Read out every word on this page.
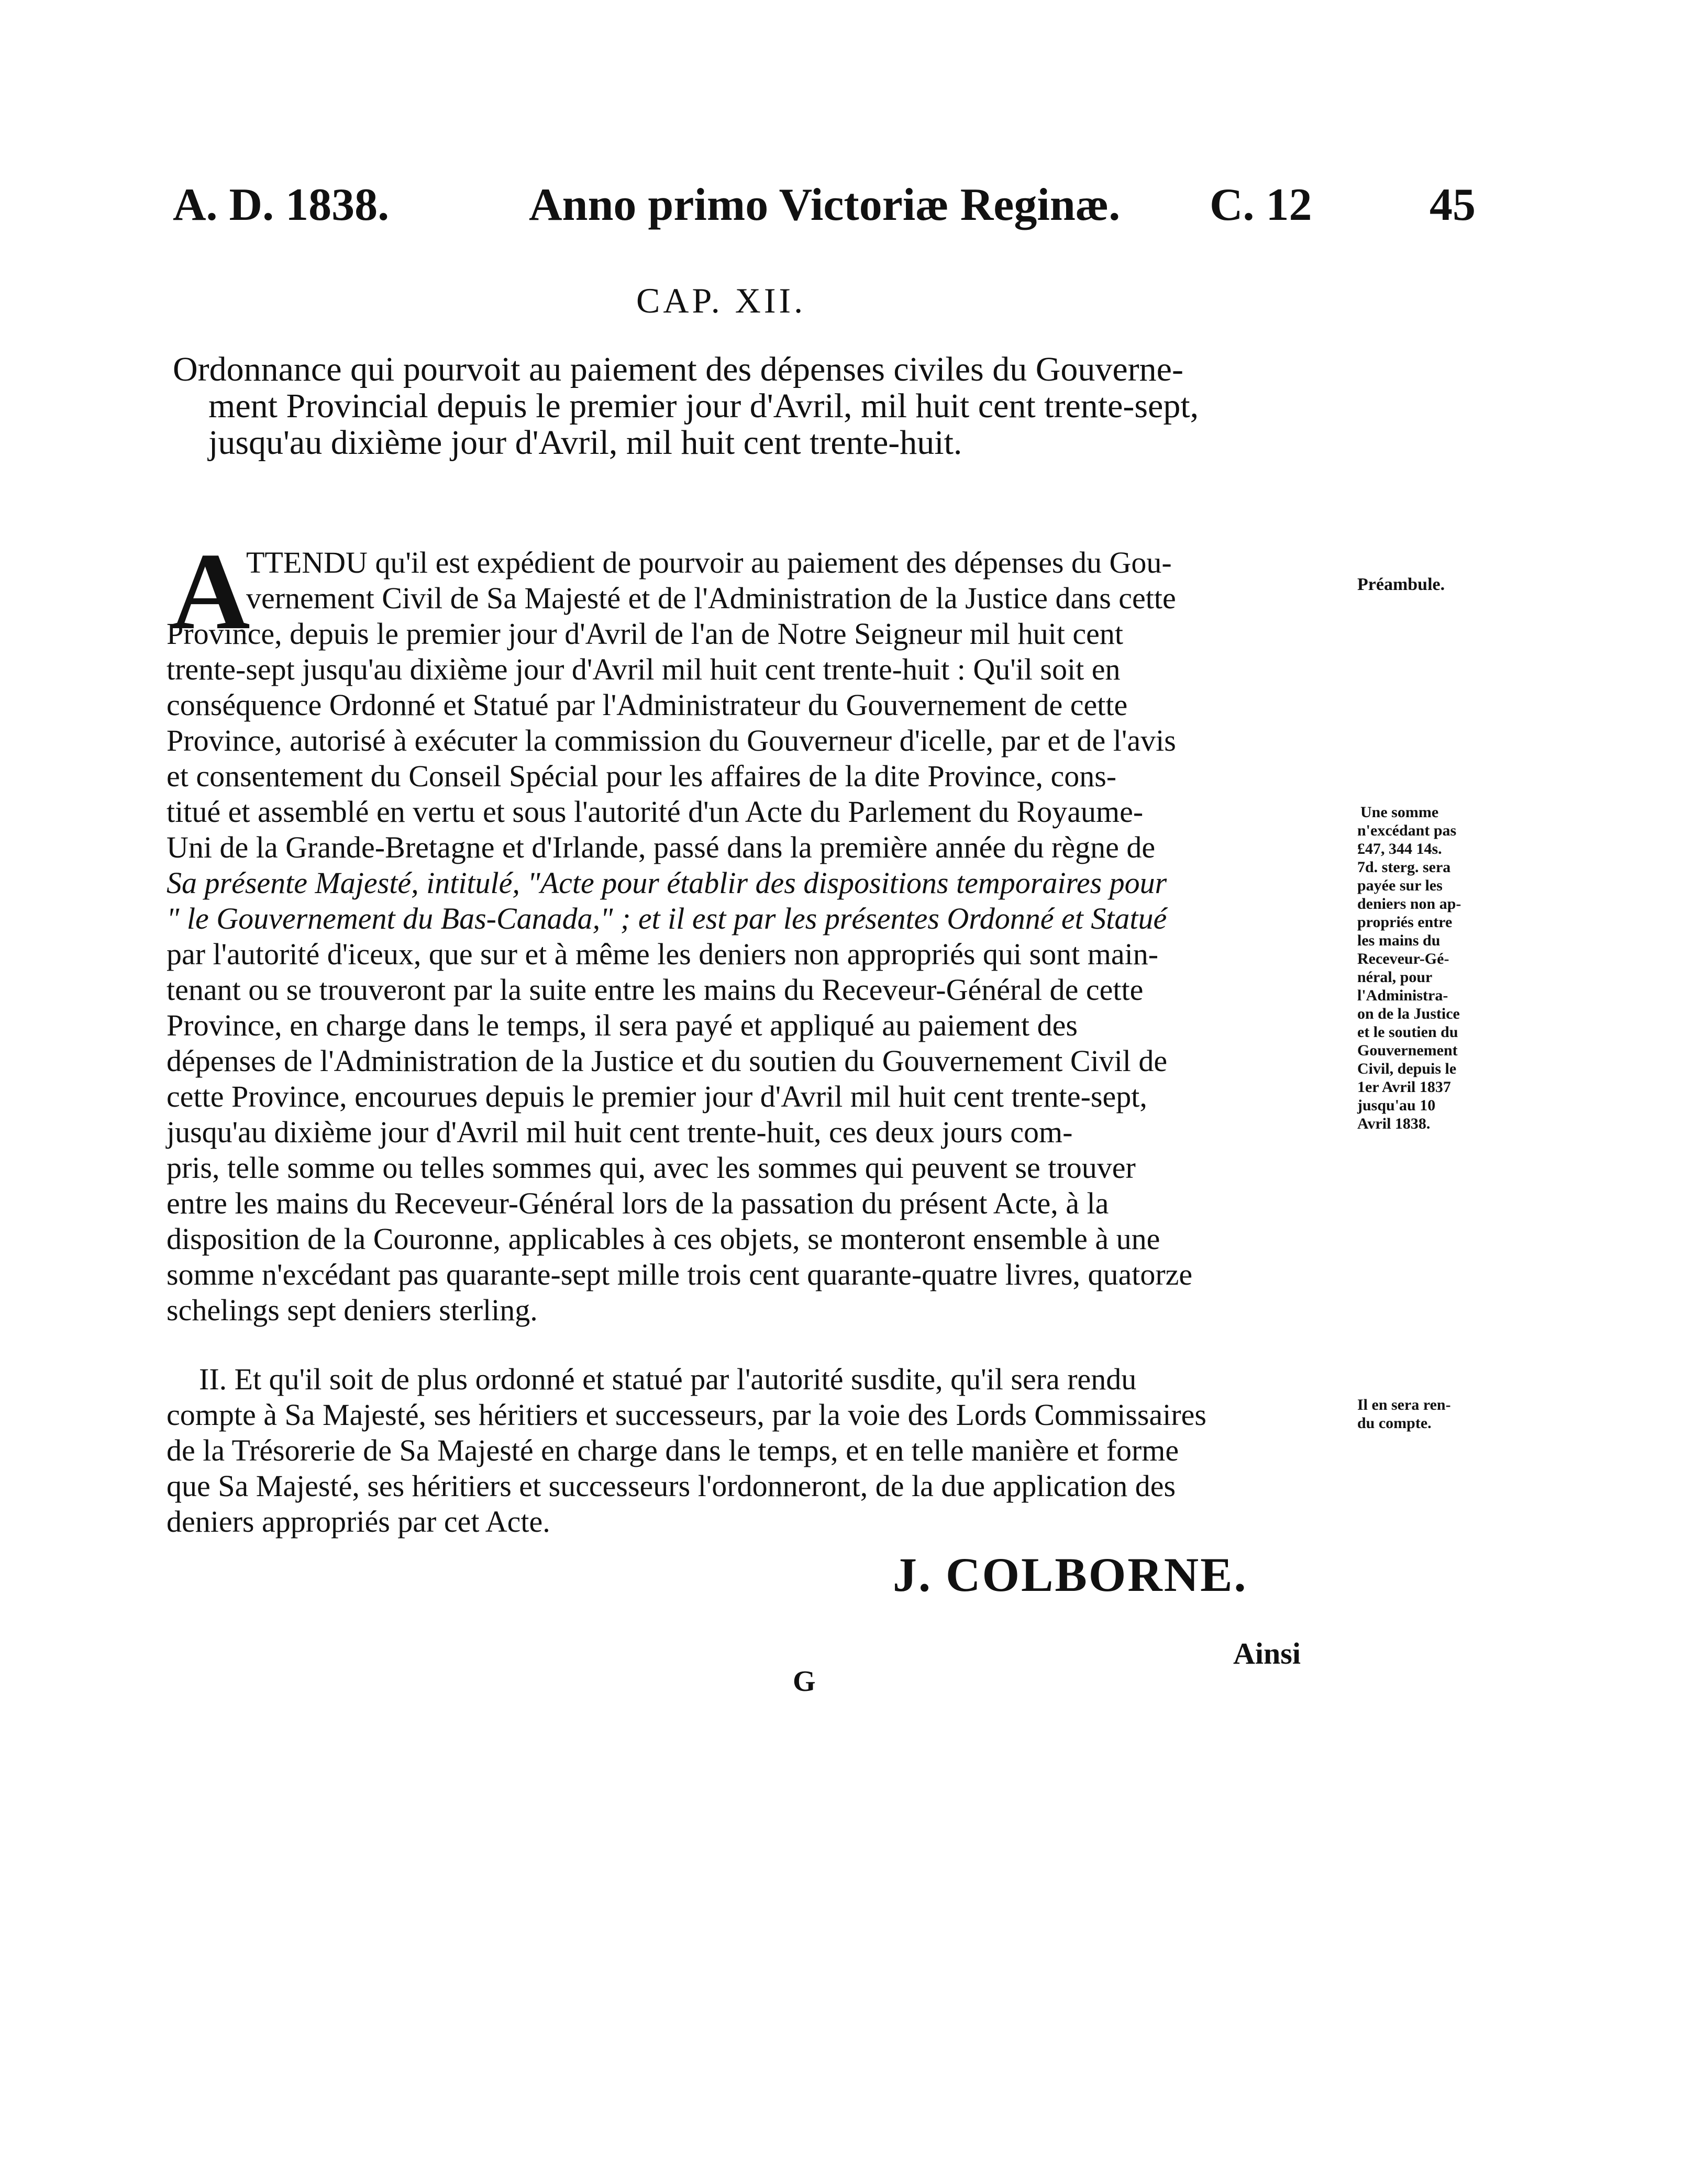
A. D. 1838.	Anno primo Victoriæ Reginæ. C. 12	45
CAP. XII.
Ordonnance qui pourvoit au paiement des dépenses civiles du Gouverne-
ment Provincial depuis le premier jour d'Avril, mil huit cent trente-sept,
jusqu'au dixième jour d'Avril, mil huit cent trente-huit.
A
TTENDU qu'il est expédient de pourvoir au paiement des dépenses du Gou-
vernement Civil de Sa Majesté et de l'Administration de la Justice dans cette
Province, depuis le premier jour d'Avril de l'an de Notre Seigneur mil huit cent
trente-sept jusqu'au dixième jour d'Avril mil huit cent trente-huit : Qu'il soit en
conséquence Ordonné et Statué par l'Administrateur du Gouvernement de cette
Province, autorisé à exécuter la commission du Gouverneur d'icelle, par et de l'avis
et consentement du Conseil Spécial pour les affaires de la dite Province, cons-
titué et assemblé en vertu et sous l'autorité d'un Acte du Parlement du Royaume-
Uni de la Grande-Bretagne et d'Irlande, passé dans la première année du règne de
Sa présente Majesté, intitulé, "Acte pour établir des dispositions temporaires pour
" le Gouvernement du Bas-Canada," ; et il est par les présentes Ordonné et Statué
par l'autorité d'iceux, que sur et à même les deniers non appropriés qui sont main-
tenant ou se trouveront par la suite entre les mains du Receveur-Général de cette
Province, en charge dans le temps, il sera payé et appliqué au paiement des
dépenses de l'Administration de la Justice et du soutien du Gouvernement Civil de
cette Province, encourues depuis le premier jour d'Avril mil huit cent trente-sept,
jusqu'au dixième jour d'Avril mil huit cent trente-huit, ces deux jours com-
pris, telle somme ou telles sommes qui, avec les sommes qui peuvent se trouver
entre les mains du Receveur-Général lors de la passation du présent Acte, à la
disposition de la Couronne, applicables à ces objets, se monteront ensemble à une
somme n'excédant pas quarante-sept mille trois cent quarante-quatre livres, quatorze
schelings sept deniers sterling.
II. Et qu'il soit de plus ordonné et statué par l'autorité susdite, qu'il sera rendu
compte à Sa Majesté, ses héritiers et successeurs, par la voie des Lords Commissaires
de la Trésorerie de Sa Majesté en charge dans le temps, et en telle manière et forme
que Sa Majesté, ses héritiers et successeurs l'ordonneront, de la due application des
deniers appropriés par cet Acte.
Préambule.
Une somme
n'excédant pas
£47, 344 14s.
7d. sterg. sera
payée sur les
deniers non ap-
propriés entre
les mains du
Receveur-Gé-
néral, pour
l'Administra-
on de la Justice
et le soutien du
Gouvernement
Civil, depuis le
1er Avril 1837
jusqu'au 10
Avril 1838.
Il en sera ren-
du compte.
J. COLBORNE.
Ainsi
G
